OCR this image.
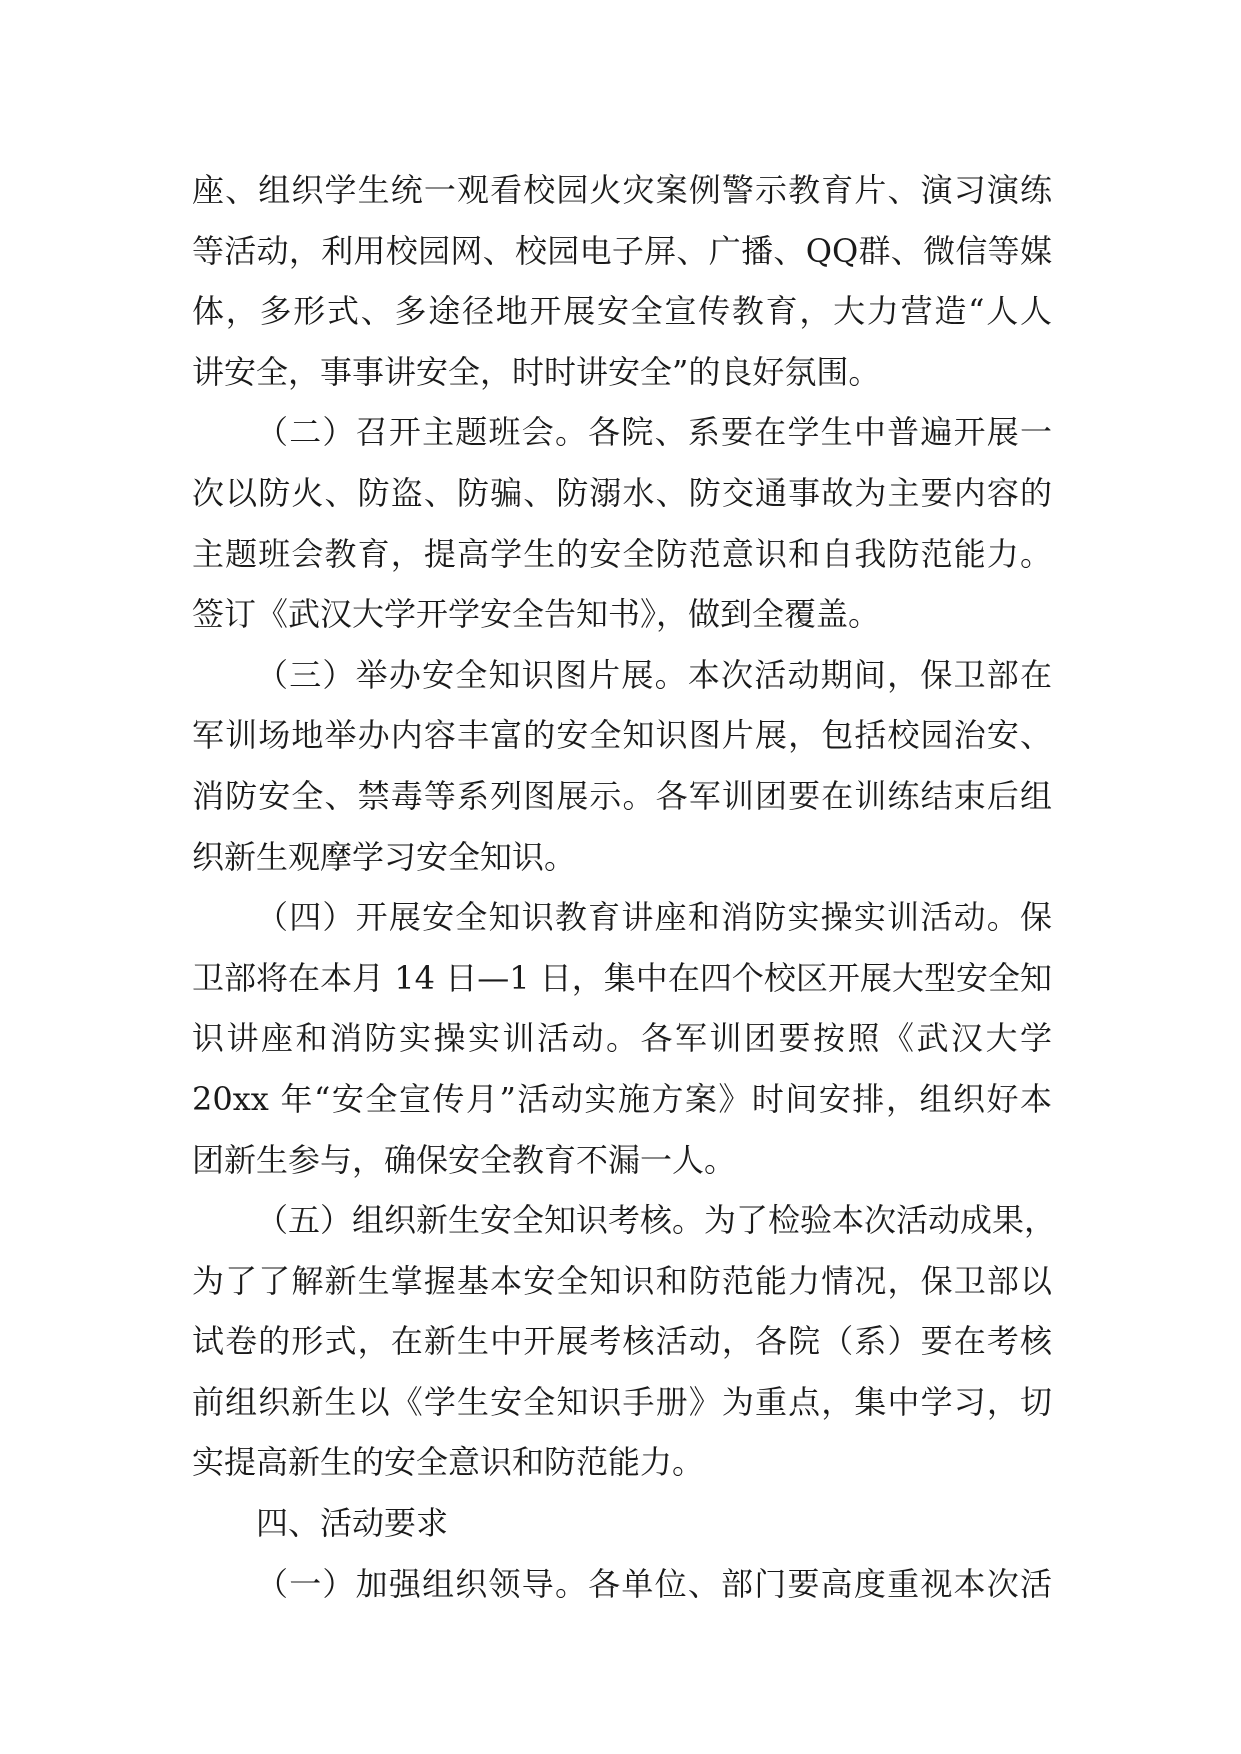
座、组织学生统一观看校园火灾案例警示教育片、演习演练
等活动，利用校园网、校园电子屏、广播、QQ群、微信等媒
体，多形式、多途径地开展安全宣传教育，大力营造“人人
讲安全，事事讲安全，时时讲安全”的良好氛围。
（二）召开主题班会。各院、系要在学生中普遍开展一
次以防火、防盗、防骗、防溺水、防交通事故为主要内容的
主题班会教育，提高学生的安全防范意识和自我防范能力。
签订《武汉大学开学安全告知书》，做到全覆盖。
（三）举办安全知识图片展。本次活动期间，保卫部在
军训场地举办内容丰富的安全知识图片展，包括校园治安、
消防安全、禁毒等系列图展示。各军训团要在训练结束后组
织新生观摩学习安全知识。
（四）开展安全知识教育讲座和消防实操实训活动。保
卫部将在本月 14 日—1 日，集中在四个校区开展大型安全知
识讲座和消防实操实训活动。各军训团要按照《武汉大学
20xx 年“安全宣传月”活动实施方案》时间安排，组织好本
团新生参与，确保安全教育不漏一人。
（五）组织新生安全知识考核。为了检验本次活动成果，
为了了解新生掌握基本安全知识和防范能力情况，保卫部以
试卷的形式，在新生中开展考核活动，各院（系）要在考核
前组织新生以《学生安全知识手册》为重点，集中学习，切
实提高新生的安全意识和防范能力。
四、活动要求
（一）加强组织领导。各单位、部门要高度重视本次活
